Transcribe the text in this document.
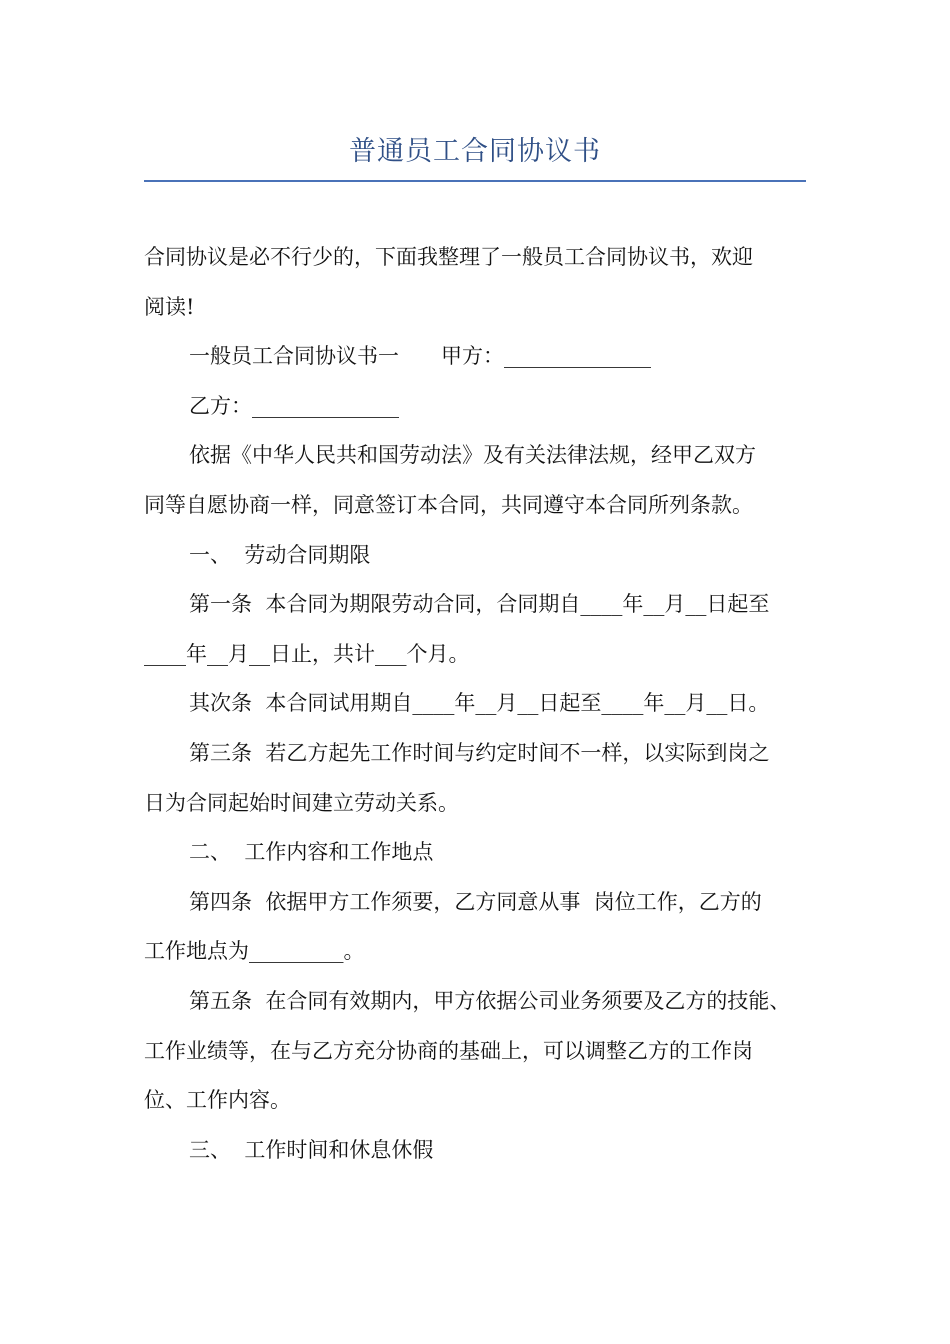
普通员工合同协议书
合同协议是必不行少的，下面我整理了一般员工合同协议书，欢迎
阅读!
一般员工合同协议书一　　甲方：______________
乙方：______________
依据《中华人民共和国劳动法》及有关法律法规，经甲乙双方
同等自愿协商一样，同意签订本合同，共同遵守本合同所列条款。
一、  劳动合同期限
第一条  本合同为期限劳动合同，合同期自____年__月__日起至
____年__月__日止，共计___个月。
其次条  本合同试用期自____年__月__日起至____年__月__日。
第三条  若乙方起先工作时间与约定时间不一样，以实际到岗之
日为合同起始时间建立劳动关系。
二、  工作内容和工作地点
第四条  依据甲方工作须要，乙方同意从事  岗位工作，乙方的
工作地点为_________。
第五条  在合同有效期内，甲方依据公司业务须要及乙方的技能、
工作业绩等，在与乙方充分协商的基础上，可以调整乙方的工作岗
位、工作内容。
三、  工作时间和休息休假
